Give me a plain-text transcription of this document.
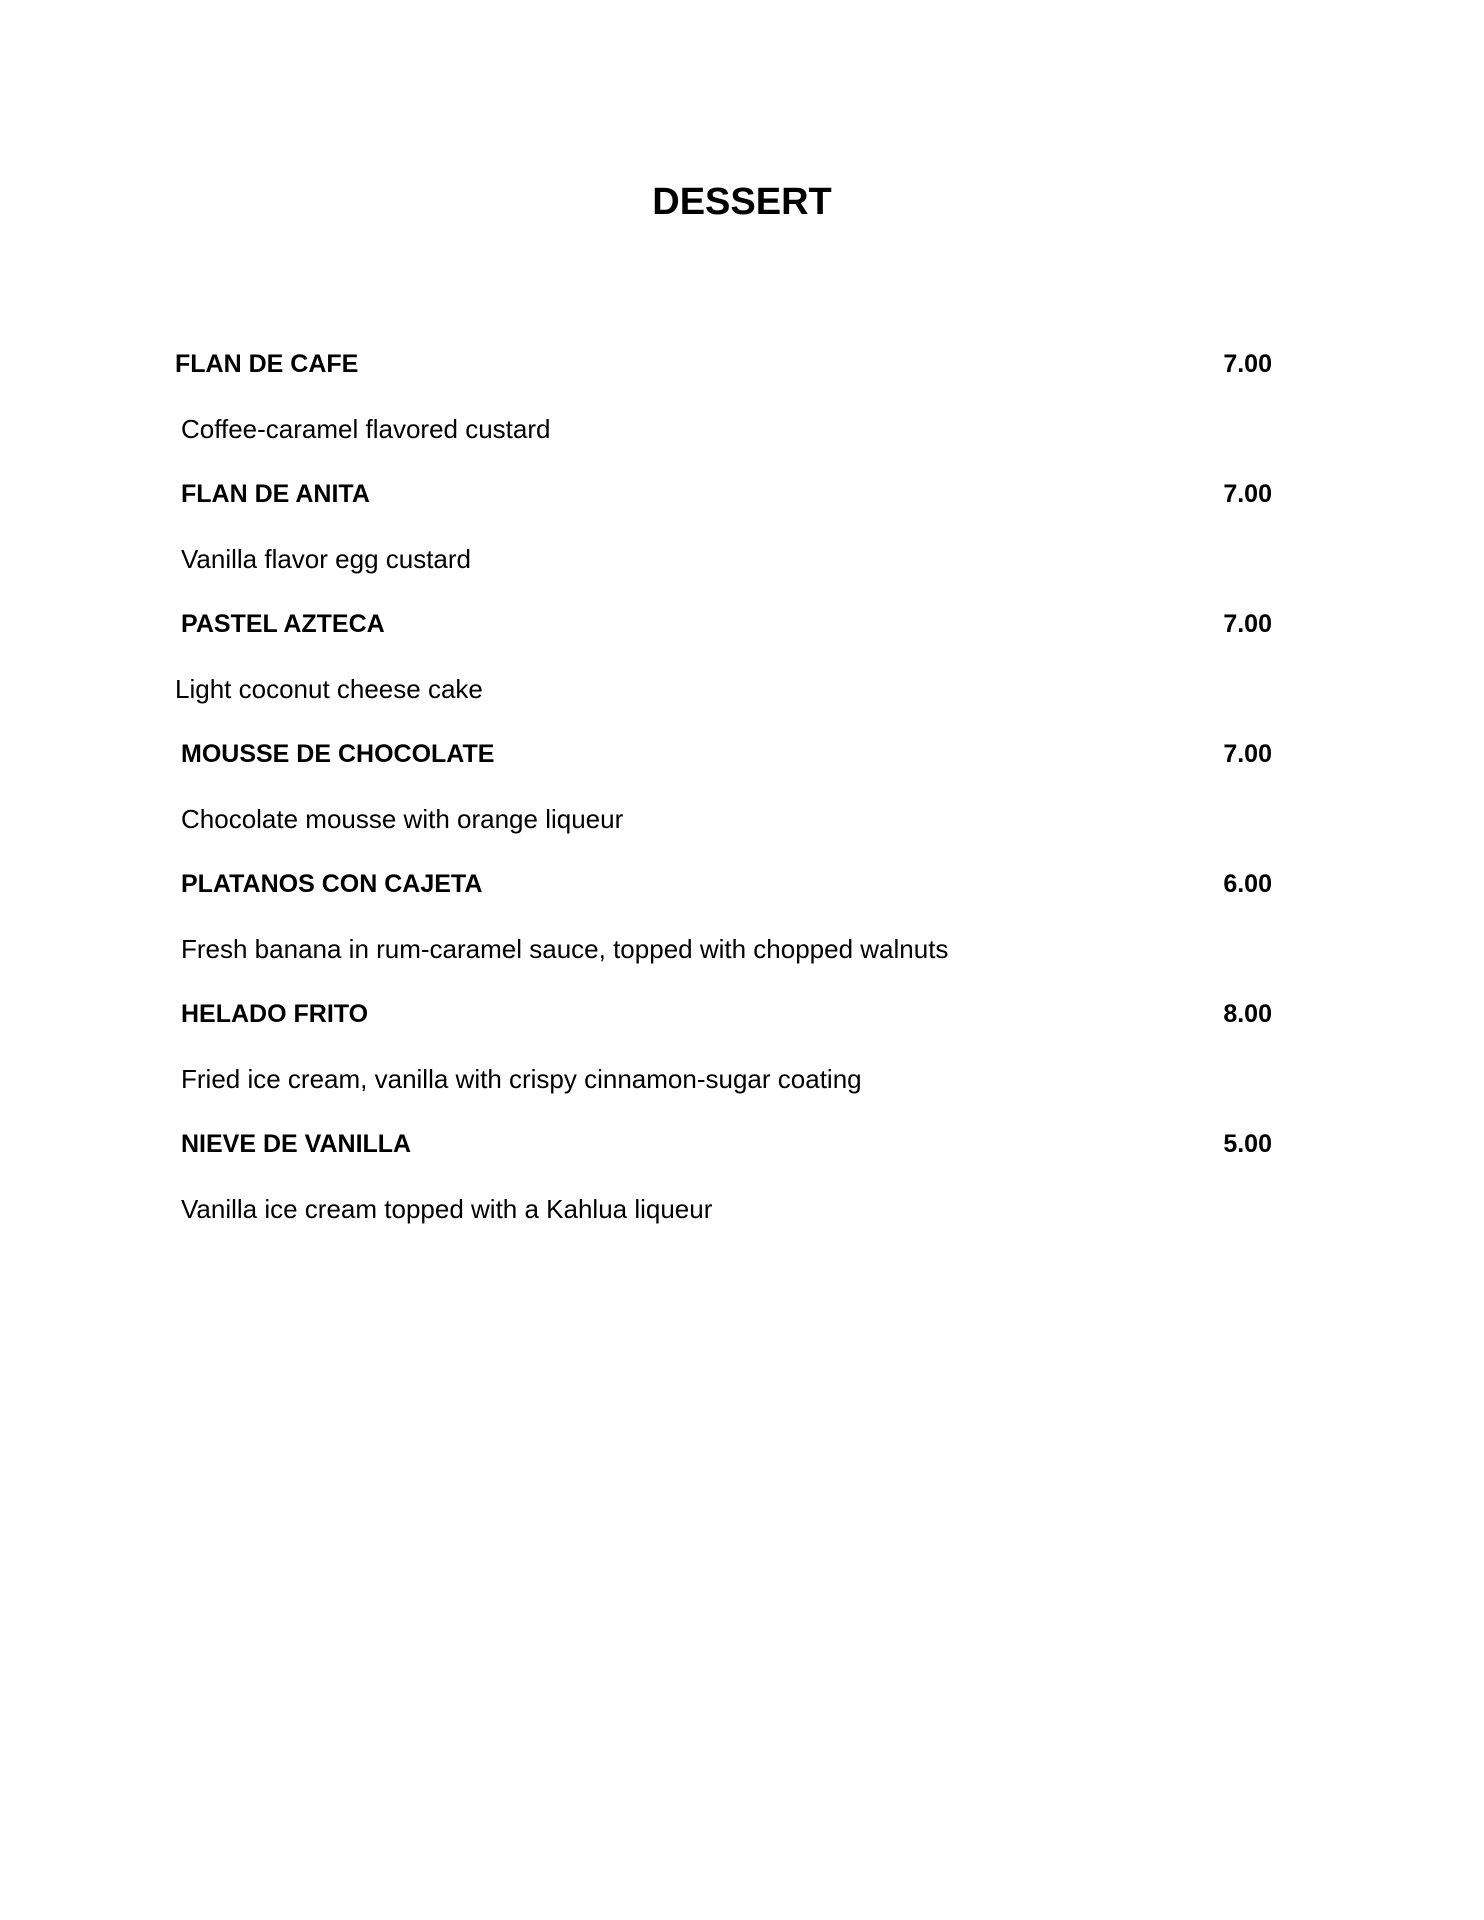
DESSERT
FLAN DE CAFE	7.00
Coffee-caramel flavored custard
FLAN DE ANITA	7.00
Vanilla flavor egg custard
PASTEL AZTECA	7.00
Light coconut cheese cake
MOUSSE DE CHOCOLATE	7.00
Chocolate mousse with orange liqueur
PLATANOS CON CAJETA	6.00
Fresh banana in rum-caramel sauce, topped with chopped walnuts
HELADO FRITO	8.00
Fried ice cream, vanilla with crispy cinnamon-sugar coating
NIEVE DE VANILLA	5.00
Vanilla ice cream topped with a Kahlua liqueur
